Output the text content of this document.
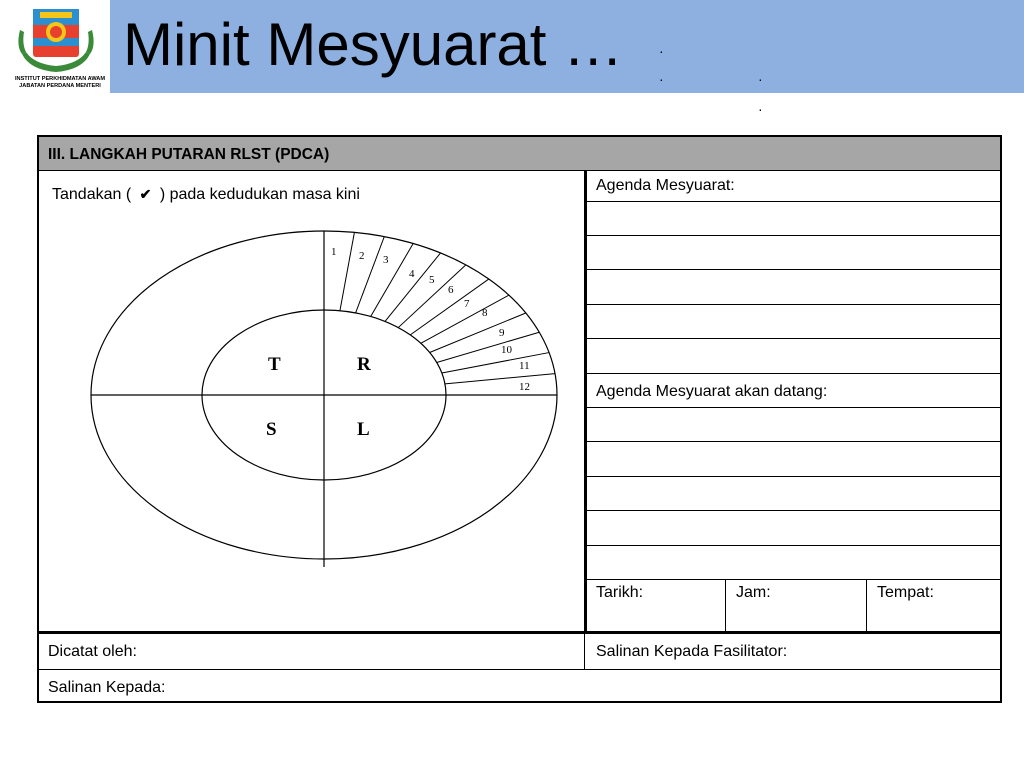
INSTITUT PERKHIDMATAN AWAM
JABATAN PERDANA MENTERI
Minit Mesyuarat …	·
·	·
·
III. LANGKAH PUTARAN RLST (PDCA)
Tandakan ( ✔ ) pada kedudukan masa kini
T	R
S	L
1 2 3
4 5
6
7
8
9
10
11
12
Agenda Mesyuarat:
Agenda Mesyuarat akan datang:
Tarikh:	Jam:	Tempat:
Dicatat oleh:	Salinan Kepada Fasilitator:
Salinan Kepada:
